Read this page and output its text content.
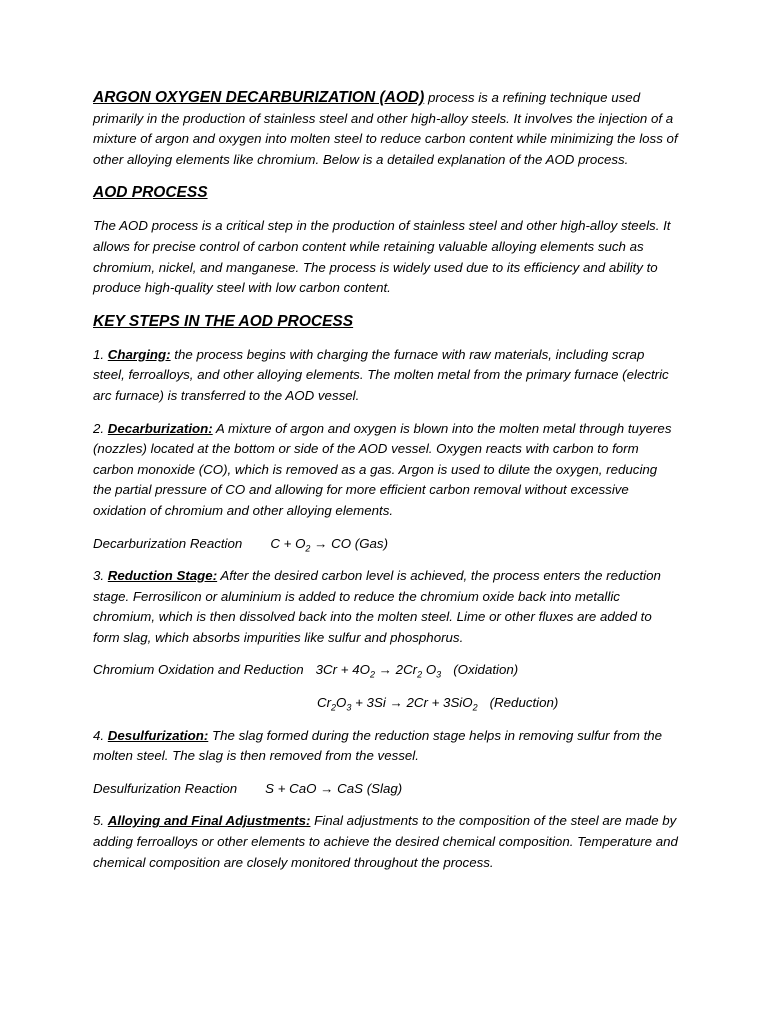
ARGON OXYGEN DECARBURIZATION (AOD) process is a refining technique used primarily in the production of stainless steel and other high-alloy steels. It involves the injection of a mixture of argon and oxygen into molten steel to reduce carbon content while minimizing the loss of other alloying elements like chromium. Below is a detailed explanation of the AOD process.

AOD PROCESS

The AOD process is a critical step in the production of stainless steel and other high-alloy steels. It allows for precise control of carbon content while retaining valuable alloying elements such as chromium, nickel, and manganese. The process is widely used due to its efficiency and ability to produce high-quality steel with low carbon content.

KEY STEPS IN THE AOD PROCESS

1. Charging: the process begins with charging the furnace with raw materials, including scrap steel, ferroalloys, and other alloying elements. The molten metal from the primary furnace (electric arc furnace) is transferred to the AOD vessel.

2. Decarburization: A mixture of argon and oxygen is blown into the molten metal through tuyeres (nozzles) located at the bottom or side of the AOD vessel. Oxygen reacts with carbon to form carbon monoxide (CO), which is removed as a gas. Argon is used to dilute the oxygen, reducing the partial pressure of CO and allowing for more efficient carbon removal without excessive oxidation of chromium and other alloying elements.

Decarburization Reaction $C + O_2$ → CO (Gas)

3. Reduction Stage: After the desired carbon level is achieved, the process enters the reduction stage. Ferrosilicon or aluminium is added to reduce the chromium oxide back into metallic chromium, which is then dissolved back into the molten steel. Lime or other fluxes are added to form slag, which absorbs impurities like sulfur and phosphorus.

Chromium Oxidation and Reduction $3Cr + 4O_2 \to 2Cr_2$ $O_3$ (Oxidation)

$Cr_2O_3 + 3Si \to 2Cr + 3SiO_2$ (Reduction)

4. Desulfurization: The slag formed during the reduction stage helps in removing sulfur from the molten steel. The slag is then removed from the vessel.

Desulfurization Reaction S + CaO → CaS (Slag)

5. Alloying and Final Adjustments: Final adjustments to the composition of the steel are made by adding ferroalloys or other elements to achieve the desired chemical composition. Temperature and chemical composition are closely monitored throughout the process.
